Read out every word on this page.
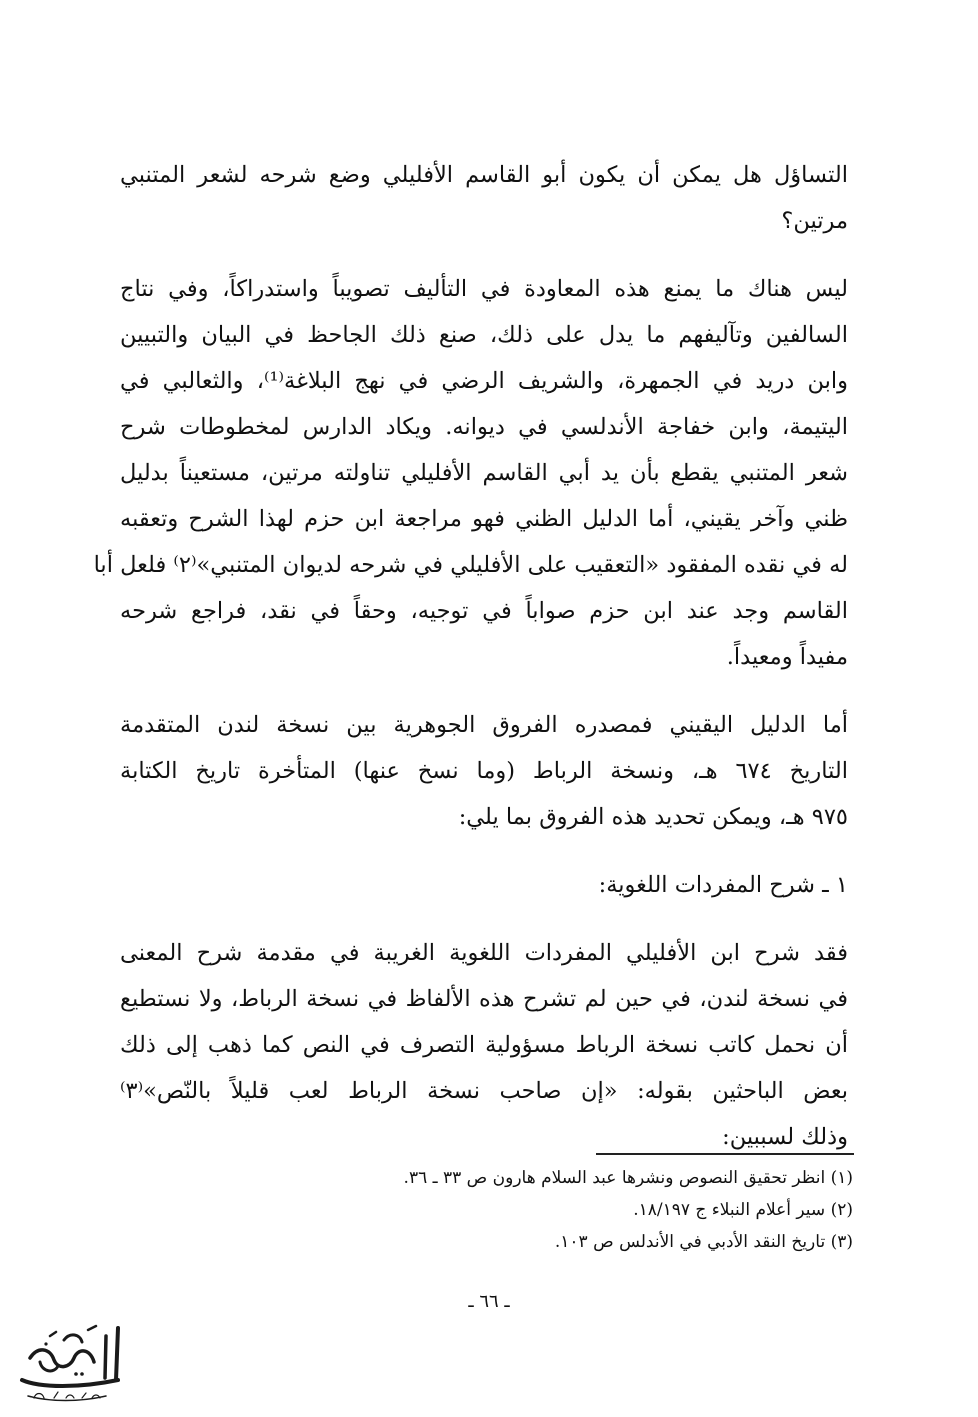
التساؤل هل يمكن أن يكون أبو القاسم الأفليلي وضع شرحه لشعر المتنبي
مرتين؟

ليس هناك ما يمنع هذه المعاودة في التأليف تصويباً واستدراكاً، وفي نتاج
السالفين وتآليفهم ما يدل على ذلك، صنع ذلك الجاحظ في البيان والتبيين
وابن دريد في الجمهرة، والشريف الرضي في نهج البلاغة⁽¹⁾، والثعالبي في
اليتيمة، وابن خفاجة الأندلسي في ديوانه. ويكاد الدارس لمخطوطات شرح
شعر المتنبي يقطع بأن يد أبي القاسم الأفليلي تناولته مرتين، مستعيناً بدليل
ظني وآخر يقيني، أما الدليل الظني فهو مراجعة ابن حزم لهذا الشرح وتعقبه
له في نقده المفقود «التعقيب على الأفليلي في شرحه لديوان المتنبي»⁽٢⁾ فلعل أبا
القاسم وجد عند ابن حزم صواباً في توجيه، وحقاً في نقد، فراجع شرحه
مفيداً ومعيداً.

أما الدليل اليقيني فمصدره الفروق الجوهرية بين نسخة لندن المتقدمة
التاريخ ٦٧٤ هـ، ونسخة الرباط (وما نسخ عنها) المتأخرة تاريخ الكتابة
٩٧٥ هـ، ويمكن تحديد هذه الفروق بما يلي:

١ ـ شرح المفردات اللغوية:

فقد شرح ابن الأفليلي المفردات اللغوية الغريبة في مقدمة شرح المعنى
في نسخة لندن، في حين لم تشرح هذه الألفاظ في نسخة الرباط، ولا نستطيع
أن نحمل كاتب نسخة الرباط مسؤولية التصرف في النص كما ذهب إلى ذلك
بعض الباحثين بقوله: «إن صاحب نسخة الرباط لعب قليلاً بالنّص»⁽٣⁾
وذلك لسببين:

(١) انظر تحقيق النصوص ونشرها عبد السلام هارون ص ٣٣ ـ ٣٦.
(٢) سير أعلام النبلاء ج ١٨/١٩٧.
(٣) تاريخ النقد الأدبي في الأندلس ص ١٠٣.
ـ ٦٦ ـ
